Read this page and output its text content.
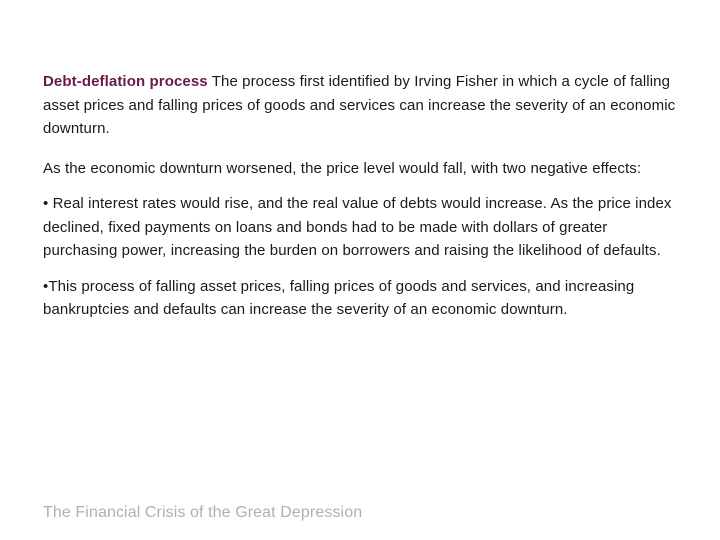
Debt-deflation process The process first identified by Irving Fisher in which a cycle of falling asset prices and falling prices of goods and services can increase the severity of an economic downturn.

As the economic downturn worsened, the price level would fall, with two negative effects:

• Real interest rates would rise, and the real value of debts would increase. As the price index declined, fixed payments on loans and bonds had to be made with dollars of greater purchasing power, increasing the burden on borrowers and raising the likelihood of defaults.

•This process of falling asset prices, falling prices of goods and services, and increasing bankruptcies and defaults can increase the severity of an economic downturn.

The Financial Crisis of the Great Depression
